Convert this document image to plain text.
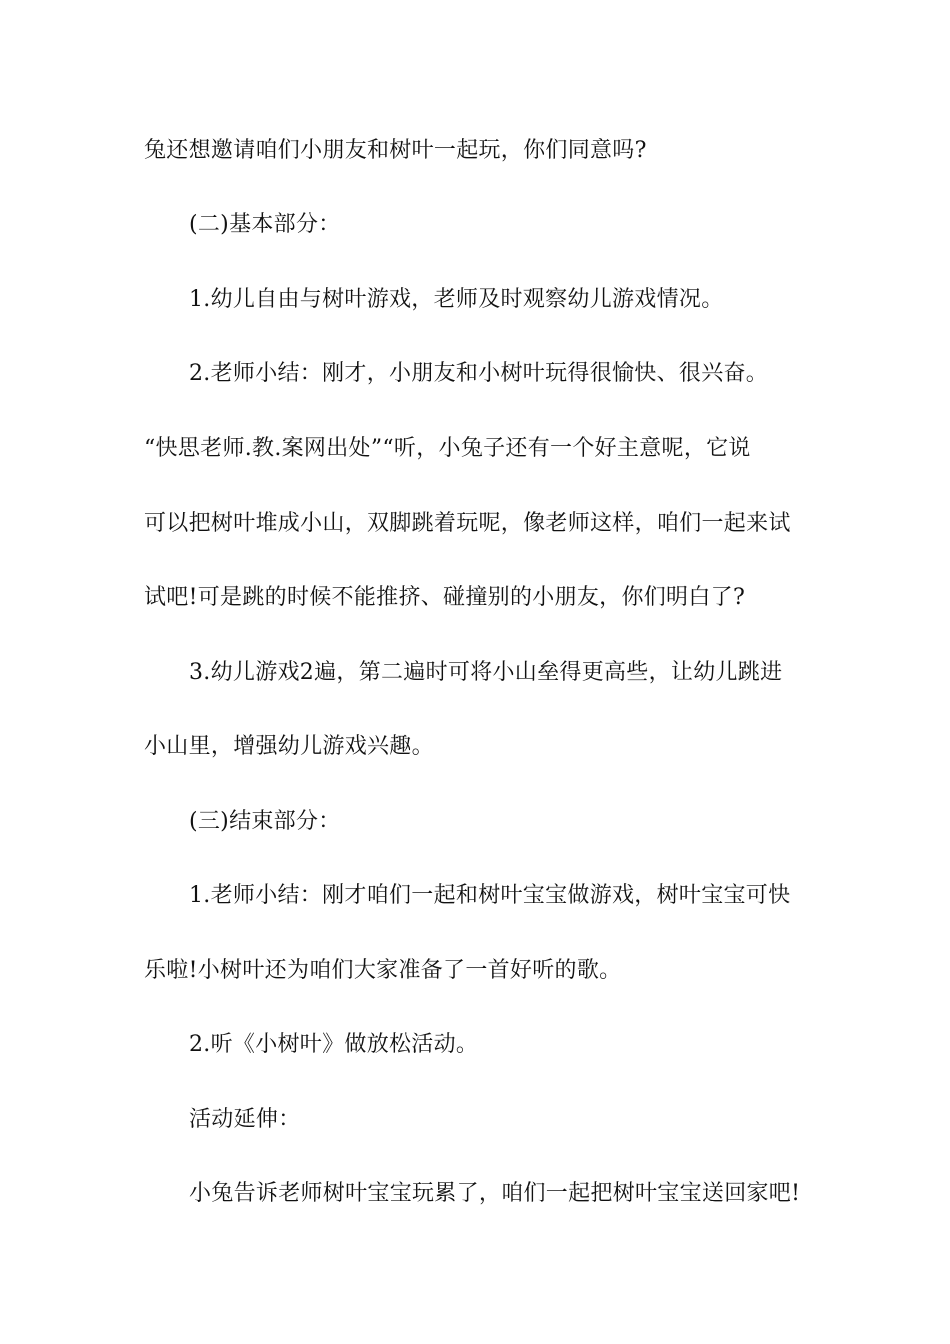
兔还想邀请咱们小朋友和树叶一起玩，你们同意吗?
(二)基本部分：
1.幼儿自由与树叶游戏，老师及时观察幼儿游戏情况。
2.老师小结：刚才，小朋友和小树叶玩得很愉快、很兴奋。
“快思老师.教.案网出处”“听，小兔子还有一个好主意呢，它说
可以把树叶堆成小山，双脚跳着玩呢，像老师这样，咱们一起来试
试吧!可是跳的时候不能推挤、碰撞别的小朋友，你们明白了?
3.幼儿游戏2遍，第二遍时可将小山垒得更高些，让幼儿跳进
小山里，增强幼儿游戏兴趣。
(三)结束部分：
1.老师小结：刚才咱们一起和树叶宝宝做游戏，树叶宝宝可快
乐啦!小树叶还为咱们大家准备了一首好听的歌。
2.听《小树叶》做放松活动。
活动延伸：
小兔告诉老师树叶宝宝玩累了，咱们一起把树叶宝宝送回家吧!
